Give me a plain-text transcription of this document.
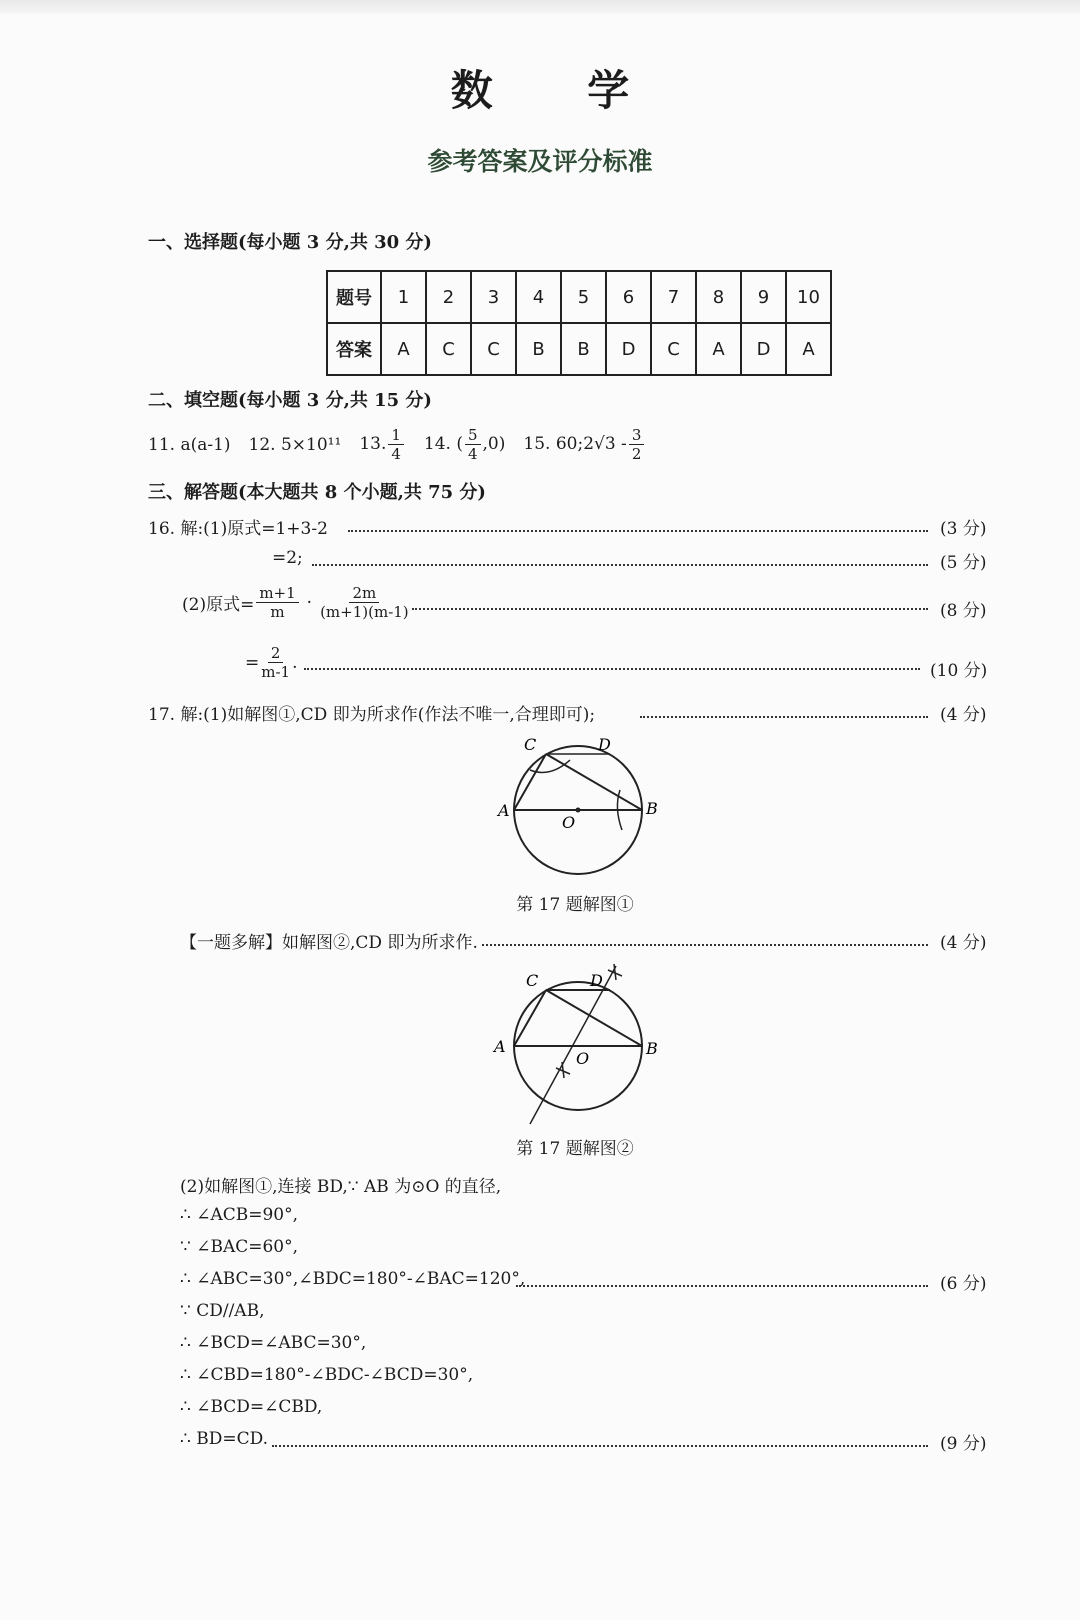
数 学
参考答案及评分标准
一、选择题(每小题 3 分,共 30 分)
题号	1	2	3	4	5	6	7	8	9	10
答案	A	C	C	B	B	D	C	A	D	A
二、填空题(每小题 3 分,共 15 分)
11. a(a-1) 12. 5×10¹¹ 13. $\frac{1}{4} 14$. ( $\frac{5}{4} ,0$) 15. 60;2√3 - $\frac{3}{2}$
三、解答题(本大题共 8 个小题,共 75 分)
16. 解:(1)原式=1+3-2	(3 分)
=2;	(5 分)
(2)原式= $\frac{m+1}{m} \cdot \frac{2m}{(m+1)(m-1)}$	(8 分)
= $\frac{2}{m-1}$ .	(10 分)
17. 解:(1)如解图①,CD 即为所求作(作法不唯一,合理即可);	(4 分)
C	D
A	B
O
第 17 题解图①
【一题多解】如解图②,CD 即为所求作.	(4 分)
C	D
A	B
O
第 17 题解图②
(2)如解图①,连接 BD,∵ AB 为⊙O 的直径,
∴ ∠ACB=90°,
∵ ∠BAC=60°,
∴ ∠ABC=30°,∠BDC=180°-∠BAC=120°,	(6 分)
∵ CD//AB,
∴ ∠BCD=∠ABC=30°,
∴ ∠CBD=180°-∠BDC-∠BCD=30°,
∴ ∠BCD=∠CBD,
∴ BD=CD.	(9 分)
